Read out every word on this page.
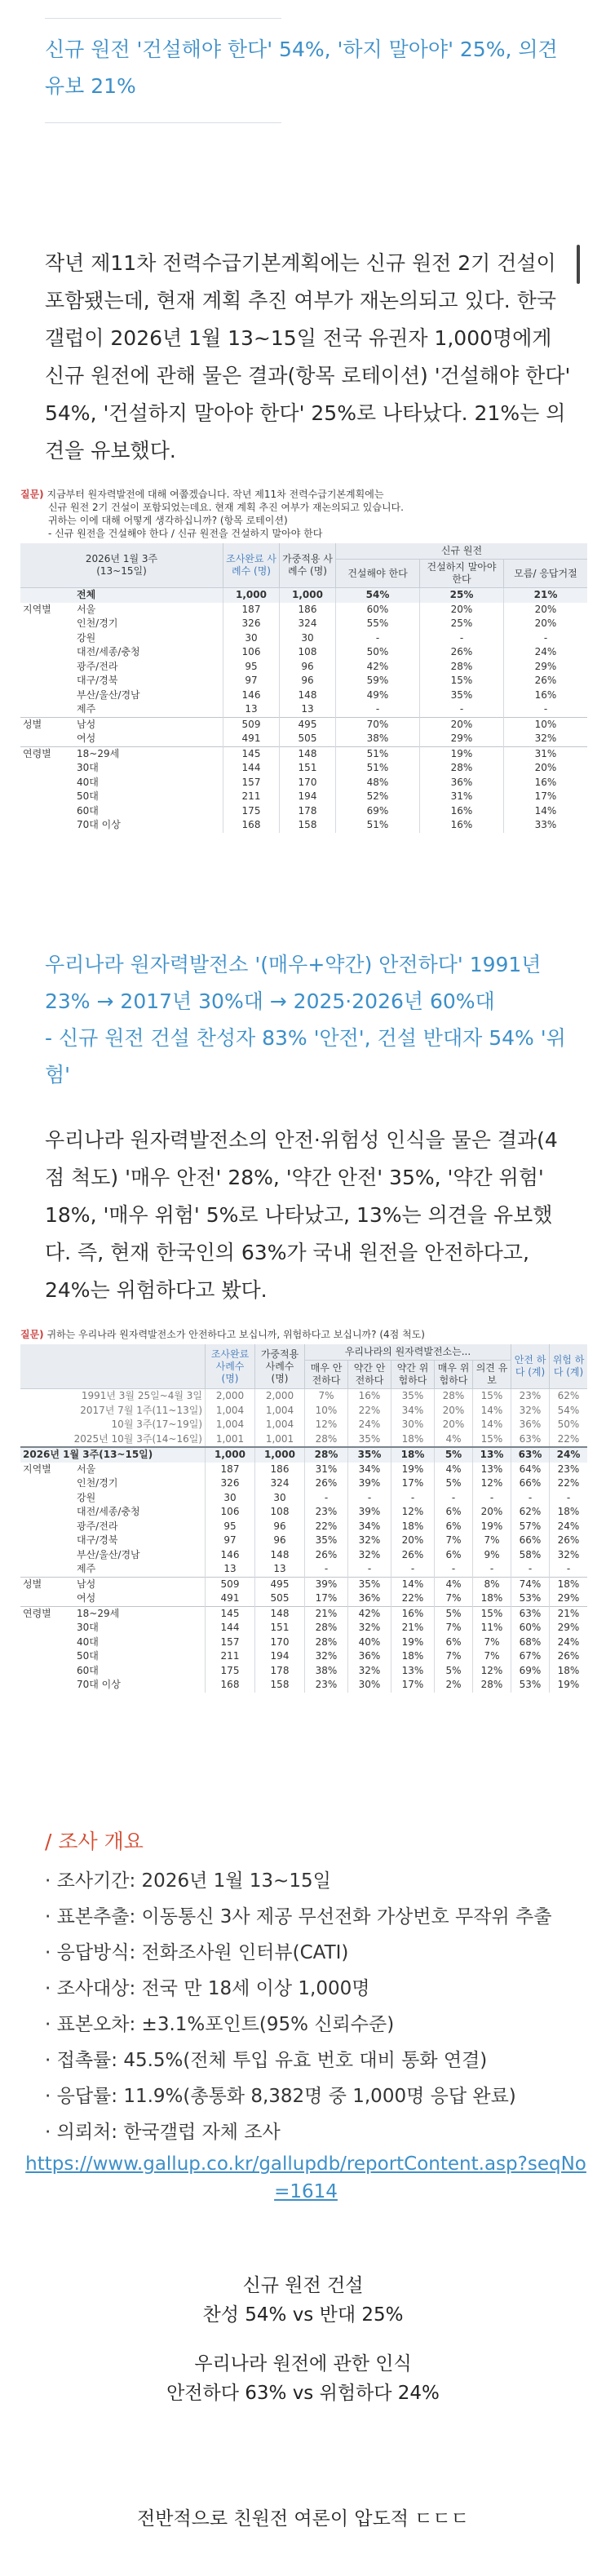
신규 원전 '건설해야 한다' 54%, '하지 말아야' 25%, 의견 유보 21%

작년 제11차 전력수급기본계획에는 신규 원전 2기 건설이 포함됐는데, 현재 계획 추진 여부가 재논의되고 있다. 한국갤럽이 2026년 1월 13~15일 전국 유권자 1,000명에게 신규 원전에 관해 물은 결과(항목 로테이션) '건설해야 한다' 54%, '건설하지 말아야 한다' 25%로 나타났다. 21%는 의견을 유보했다.

질문) 지금부터 원자력발전에 대해 여쭙겠습니다. 작년 제11차 전력수급기본계획에는
신규 원전 2기 건설이 포함되었는데요. 현재 계획 추진 여부가 재논의되고 있습니다.
귀하는 이에 대해 어떻게 생각하십니까? (항목 로테이션)
- 신규 원전을 건설해야 한다 / 신규 원전을 건설하지 말아야 한다
2026년 1월 3주
(13~15일)		조사완료 사례수 (명)	가중적용 사례수 (명)	신규 원전		
				건설해야 한다	건설하지 말아야 한다	모름/ 응답거절
	전체	1,000	1,000	54%	25%	21%
지역별	서울	187	186	60%	20%	20%
	인천/경기	326	324	55%	25%	20%
	강원	30	30	-	-	-
	대전/세종/충청	106	108	50%	26%	24%
	광주/전라	95	96	42%	28%	29%
	대구/경북	97	96	59%	15%	26%
	부산/울산/경남	146	148	49%	35%	16%
	제주	13	13	-	-	-
성별	남성	509	495	70%	20%	10%
	여성	491	505	38%	29%	32%
연령별	18~29세	145	148	51%	19%	31%
	30대	144	151	51%	28%	20%
	40대	157	170	48%	36%	16%
	50대	211	194	52%	31%	17%
	60대	175	178	69%	16%	14%
	70대 이상	168	158	51%	16%	33%
우리나라 원자력발전소 '(매우+약간) 안전하다' 1991년 23% → 2017년 30%대 → 2025·2026년 60%대
- 신규 원전 건설 찬성자 83% '안전', 건설 반대자 54% '위험'

우리나라 원자력발전소의 안전·위험성 인식을 물은 결과(4점 척도) '매우 안전' 28%, '약간 안전' 35%, '약간 위험' 18%, '매우 위험' 5%로 나타났고, 13%는 의견을 유보했다. 즉, 현재 한국인의 63%가 국내 원전을 안전하다고, 24%는 위험하다고 봤다.

질문) 귀하는 우리나라 원자력발전소가 안전하다고 보십니까, 위험하다고 보십니까? (4점 척도)
		조사완료 사례수 (명)	가중적용 사례수 (명)	우리나라의 원자력발전소는...					안전 하다 (계)	위험 하다 (계)
				매우 안전하다	약간 안전하다	약간 위험하다	매우 위험하다	의견 유보		
1991년 3월 25일~4월 3일		2,000	2,000	7%	16%	35%	28%	15%	23%	62%
2017년 7월 1주(11~13일)		1,004	1,004	10%	22%	34%	20%	14%	32%	54%
10월 3주(17~19일)		1,004	1,004	12%	24%	30%	20%	14%	36%	50%
2025년 10월 3주(14~16일)		1,001	1,001	28%	35%	18%	4%	15%	63%	22%
2026년 1월 3주(13~15일)		1,000	1,000	28%	35%	18%	5%	13%	63%	24%
지역별	서울	187	186	31%	34%	19%	4%	13%	64%	23%
	인천/경기	326	324	26%	39%	17%	5%	12%	66%	22%
	강원	30	30	-	-	-	-	-	-	-
	대전/세종/충청	106	108	23%	39%	12%	6%	20%	62%	18%
	광주/전라	95	96	22%	34%	18%	6%	19%	57%	24%
	대구/경북	97	96	35%	32%	20%	7%	7%	66%	26%
	부산/울산/경남	146	148	26%	32%	26%	6%	9%	58%	32%
	제주	13	13	-	-	-	-	-	-	-
성별	남성	509	495	39%	35%	14%	4%	8%	74%	18%
	여성	491	505	17%	36%	22%	7%	18%	53%	29%
연령별	18~29세	145	148	21%	42%	16%	5%	15%	63%	21%
	30대	144	151	28%	32%	21%	7%	11%	60%	29%
	40대	157	170	28%	40%	19%	6%	7%	68%	24%
	50대	211	194	32%	36%	18%	7%	7%	67%	26%
	60대	175	178	38%	32%	13%	5%	12%	69%	18%
	70대 이상	168	158	23%	30%	17%	2%	28%	53%	19%
/ 조사 개요
· 조사기간: 2026년 1월 13~15일
· 표본추출: 이동통신 3사 제공 무선전화 가상번호 무작위 추출
· 응답방식: 전화조사원 인터뷰(CATI)
· 조사대상: 전국 만 18세 이상 1,000명
· 표본오차: ±3.1%포인트(95% 신뢰수준)
· 접촉률: 45.5%(전체 투입 유효 번호 대비 통화 연결)
· 응답률: 11.9%(총통화 8,382명 중 1,000명 응답 완료)
· 의뢰처: 한국갤럽 자체 조사
https://www.gallup.co.kr/gallupdb/reportContent.asp?seqNo=1614
신규 원전 건설
찬성 54% vs 반대 25%
우리나라 원전에 관한 인식
안전하다 63% vs 위험하다 24%
전반적으로 친원전 여론이 압도적 ㄷㄷㄷ
